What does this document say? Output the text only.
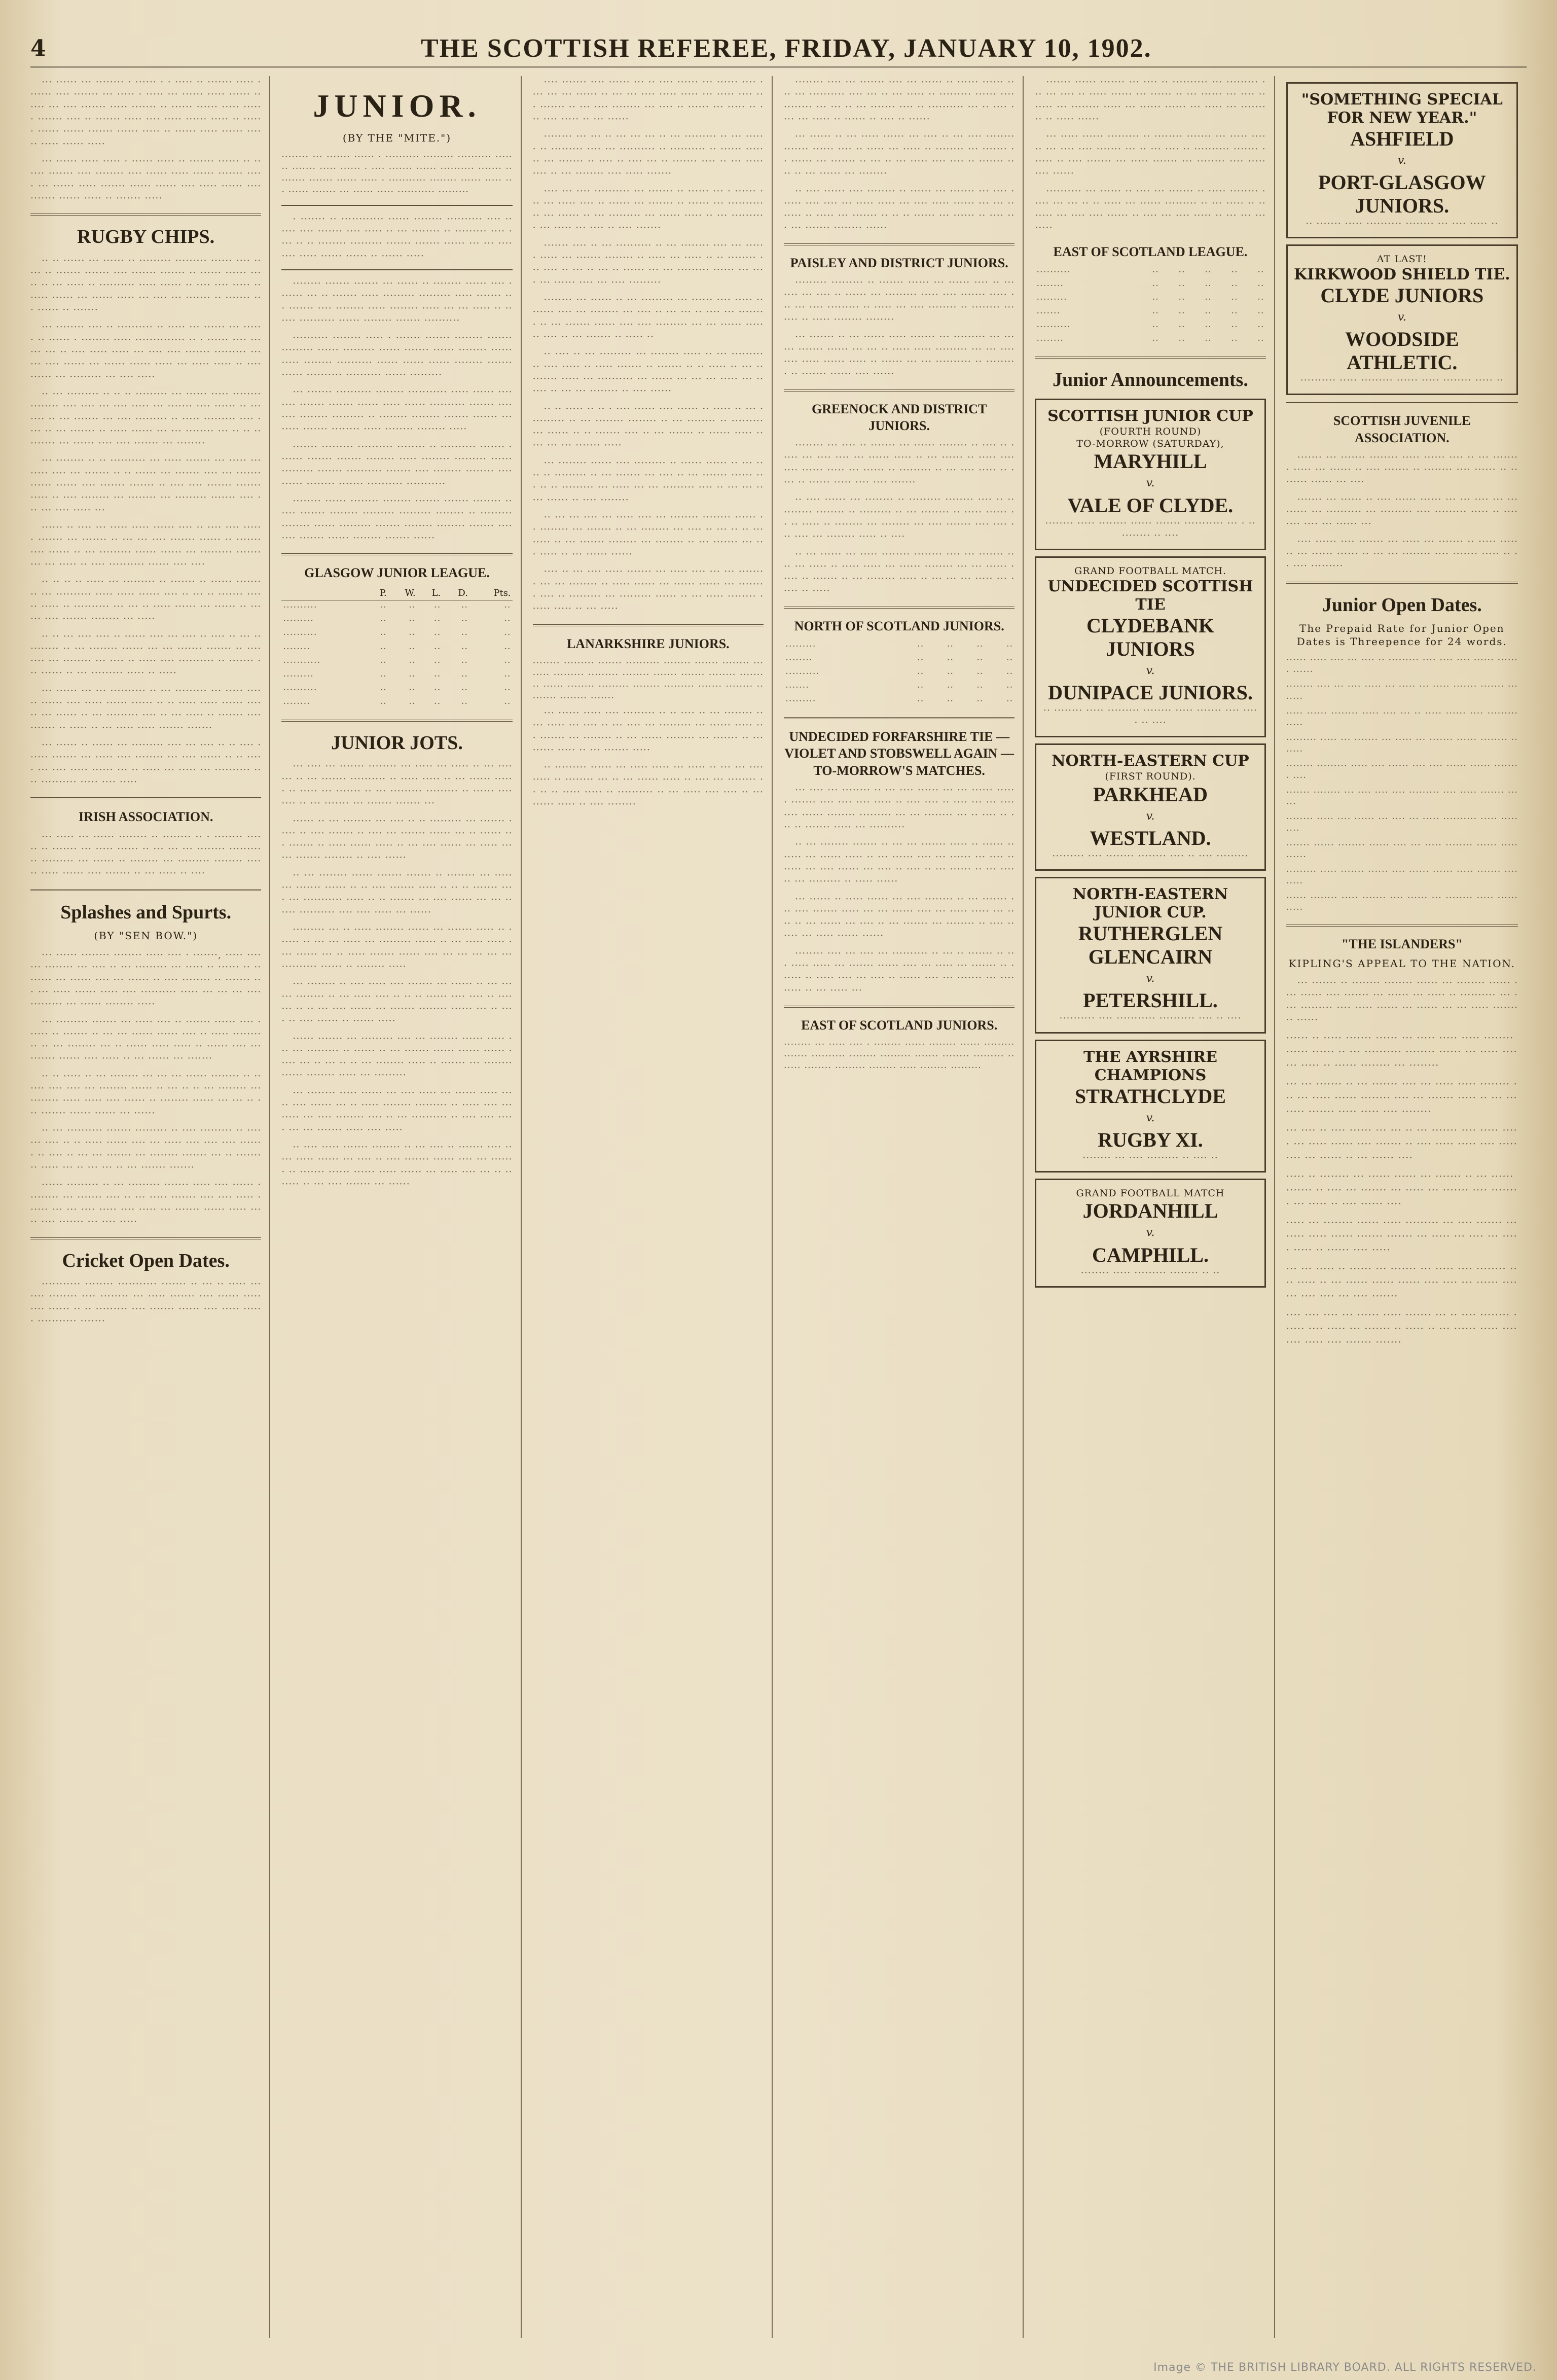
4	THE SCOTTISH REFEREE, FRIDAY, JANUARY 10, 1902.

··· ······ ··· ········ · ······ · · ····· ·· ······· ····· · ······ ···· ······· ··· ····· · ····· ··· ······ ····· ······ ······ ··· ···· ······· ····· ······· ·· ······ ······ ····· ······ ······· ···· ·· ······· ····· ···· ····· ······ ····· ·· ······ ······ ······ ······· ······ ····· ·· ······ ····· ······ ······ ····· ······ ·····

··· ······ ····· ····· · ······ ····· ·· ······· ······ ·· ······ ······· ···· ········ ···· ······ ····· ······ ······· ····· ··· ······ ····· ······· ······ ······ ···· ····· ······ ···· ······· ······ ····· ·· ······· ·····

RUGBY CHIPS.

·· ·· ······ ··· ······ ·· ········· ········· ······ ···· ····· ·· ······· ······· ···· ······· ······· ·· ······ ······ ····· ·· ··· ····· ·· ·········· ····· ······ ·· ···· ···· ····· ······· ······ ··· ······ ····· ··· ···· ··· ······· ·· ······· ··· ······ ·· ·······

··· ········ ···· ·· ·········· ·· ····· ··· ······ ··· ······ ·· ······ · ········ ····· ·············· ·· · ······ ···· ······ ··· ·· ···· ····· ····· ··· ···· ···· ······· ········· ··· ··· ···· ······ ··· ······ ······ ····· ··· ····· ····· ·· ···· ······ ··· ········· ··· ···· ·····

·· ··· ········· ·· ·· ·· ········· ··· ······ ····· ········ ········ ···· ···· ··· ···· ····· ··· ······· ···· ······ ·· ······· ·· ··· ······· ··· ···· ········· ·· ····· ········· ···· ···· ·· ··· ······· ·· ····· ······ ··· ··· ········ ··· ·· ·· ········· ··· ······ ···· ···· ······· ··· ········

··· ········ ·· ·· ·········· ··· ····· ······· ··· ····· ········ ···· ··· ······· ·· ·· ······ ··· ······· ···· ··· ······· ······ ······ ···· ······· ······· ·· ···· ···· ······· ······· ····· ·· ···· ········ ··· ········ ··· ········· ······· ···· ··· ··· ···· ····· ···

······ ·· ···· ··· ····· ····· ······ ···· ·· ···· ···· ······ ······· ··· ······· ·· ··· ··· ···· ······· ······ ·· ······· ···· ······ ·· ··· ········· ······ ······ ··· ········· ·········· ··· ····· ·· ···· ·········· ······ ···· ····

·· ·· ·· ·· ····· ··· ········· ·· ······· ·· ······ ······· ·· ··· ·········· ····· ····· ······ ···· ·· ··· ·· ······· ······ ····· ·· ·········· ··· ··· ·· ····· ······ ··· ······ ·· ······ ···· ······· ········ ··· ·····

·· ·· ··· ···· ···· ·· ······ ···· ··· ···· ·· ···· ·· ··· ·········· ·· ··· ········ ······ ··· ··· ······· ······· ·· ···· ···· ··· ········ ··· ···· ·· ····· ···· ·········· ·· ······· ··· ······ ·· ··· ········· ····· ·· ·····

··· ······ ··· ··· ·········· ·· ··· ········· ··· ····· ······ ······ ···· ····· ······ ······ ·· ·· ····· ····· ······ ······ ··· ······ ·· ··· ········· ···· ·· ··· ····· ·· ······· ···· ······· ·· ····· ·· ··· ····· ····· ······· ·······

··· ······ ·· ······ ··· ········· ···· ··· ···· ·· ·· ···· ······ ······· ··· ····· ···· ········ ··· ···· ······ ·· ·· ····· ··· ···· ····· ······ ··· ·· ····· ··· ····· ··· ·········· ·· ·· ·········· ····· ···· ·····

IRISH ASSOCIATION.

··· ····· ··· ······ ········ ·· ········ ·· · ········ ···· ·· ·· ······· ··· ····· ······ ·· ··· ··· ··· ········ ········· ·· ········· ··· ······ ·· ········ ··· ········· ········ ···· ·· ····· ······ ···· ······· ·· ··· ····· ·· ····

Splashes and Spurts.
(BY "SEN BOW.")

··· ······ ········ ········ ····· ···· · ·······, ····· ······· ········ ··· ···· ·· ··· ········· ··· ····· ·· ······ ·· ········ ··· ······ ···· ··· ······ ·· ···· ········ ·· ······· ··· ··· ····· ······ ····· ···· ·········· ····· ··· ··· ··· ···· ········· ··· ······ ········ ·····

··· ········· ······· ··· ····· ···· ·· ······· ······ ···· ······ ·· ······· ·· ··· ··· ······ ······ ···· ·· ····· ·········· ·· ··· ········ ··· ·· ······ ····· ····· ·· ······ ···· ··· ······· ······ ···· ····· ·· ··· ······ ··· ·······

·· ·· ····· ·· ··· ········ ··· ··· ··· ······ ········ ·· ······ ···· ···· ··· ········ ······ ·· ··· ·· ·· ··· ········ ··· ········ ····· ····· ···· ······ ·· ········ ······ ··· ··· ·· ··· ······· ······ ······ ··· ······

·· ··· ·········· ······· ········· ·· ···· ········· ·· ······· ···· ·· ·· ····· ······ ···· ··· ····· ···· ···· ···· ······· ·· ···· ·· ··· ··· ······· ··· ········ ······· ··· ·· ········· ····· ··· ·· ··· ··· ·· ··· ······· ·······

······ ········· ·· ··· ········· ······· ····· ···· ······ ········· ··· ······· ···· ·· ··· ····· ······· ···· ···· ····· ······ ··· ··· ···· ····· ···· ····· ··· ······· ······ ····· ··· ·· ···· ······· ··· ···· ·····

Cricket Open Dates.

··········· ········ ··········· ······· ·· ··· ·· ····· ··· ···· ········ ···· ········ ··· ····· ······· ···· ······ ····· ···· ······ ·· ·· ········· ···· ······· ······ ···· ····· ······ ··········· ·······

JUNIOR.
(BY THE "MITE.")

········ ··· ······· ······ · ·········· ········· ·········· ······· ······· ····· ······ · ···· ······· ······ ·········· ······· ········· ······· ······ ····· · ··········· ········ ······ ····· ·· · ······ ······· ··· ······ ····· ··········· ·········

· ······· ·· ············ ······ ········ ·········· ···· ·· ···· ···· ······· ···· ····· ·· ··· ········ ·· ········· ···· ···· ·· ·· ········ ········· ······· ······· ······ ··· ··· ········ ····· ······ ······ ·· ······ ·····

········ ······· ······· ··· ······ ·· ········ ······ ···· ······· ··· ·· ······· ····· ········· ········· ····· ······· ··· ······· ···· ········ ····· ········ ····· ··· ··· ····· ·· ······ ·········· ······ ········ ······· ··········

·········· ········ ····· · ······· ······· ········ ······· ········· ······ ········· ······ ······· ······ ········ ··········· ········ ·········· ······ ······ ······ ········ ······· ······ ·········· ·········· ······ ·········

··· ······· ·········· ········ ··········· ····· ······ ········ ······· ······· ······ ····· ······ ·········· ······· ········ ········ ········· ·· ········ ········ ······· ······· ········ ······· ········ ····· ········ ········ ·····

······· ········· ·········· ········ ·· ·········· ······· ······· ······· ······· ········ ····· ········ ········· ······ ········· ······· ·········· ······· ···· ········ ········ ·········· ········ ······· ·········· ···········

········ ······ ········ ········ ······· ······· ········ ······ ······· ········ ········· ········· ········ ·· ········· ········ ······ ········· ······· ········ ········ ······· ········ ······· ······ ········ ······· ······

GLASGOW JUNIOR LEAGUE.
	P.	W.	L.	D.	Pts.
··········	··	··	··	··	··
·········	··	··	··	··	··
··········	··	··	··	··	··
········	··	··	··	··	··
···········	··	··	··	··	··
·········	··	··	··	··	··
··········	··	··	··	··	··
········	··	··	··	··	··
JUNIOR JOTS.

··· ···· ··· ······· ········ ··· ····· ··· ····· ·· ··· ······· ·· ··· ······· ·········· ·· ····· ····· ·· ··· ······ ······ ·· ····· ··· ······· ·· ··· ········· ········· ·· ······ ········ ·· ··· ······· ··· ······· ······· ···

······ ·· ··· ········ ··· ···· ·· ·· ········· ··· ······· ····· ·· ···· ······· ·· ···· ··· ······· ······ ··· ·· ······ ··· ······· ·· ····· ······ ····· ·· ··· ···· ······ ··· ····· ··· ··· ······· ········ ·· ···· ······

·· ··· ········ ······ ······· ······· ·· ········ ··· ····· ··· ······· ······ ·· ·· ···· ······· ····· ·· ·· ·· ······· ···· ··· ··········· ····· ·· ·· ······· ··· ···· ······ ··· ··· ······ ·········· ···· ···· ····· ··· ······

········· ··· ·· ····· ········ ······ ··· ······· ····· ·· ······ ·· ··· ··· ····· ··· ········· ······ ·· ··· ····· ····· ···· ······ ··· ·· ····· ······· ······ ···· ··· ··· ··· ··· ··· ·········· ······ ·· ········ ·····

··· ········ ·· ···· ····· ···· ······· ··· ······ ·· ··· ··· ··· ········ ·· ··· ····· ···· ·· ·· ·· ······ ···· ···· ·· ······· ·· ·· ··· ···· ······ ··· ······· ········ ······ ··· ·· ···· ·· ···· ······ ·· ······ ·····

······ ······· ··· ········· ···· ··· ········ ······ ····· ··· ··· ········· ·· ······ ·· ··· ······· ······ ······ ······ ····· ··· ·· ··· ·· ·· ··· ········ ····· ·· ······· ··· ········ ······ ········ ····· ··· ·········

··· ········ ····· ······ ··· ···· ····· ··· ······ ····· ··· ·· ···· ······ ··· ·· ····· ········ ········· ·· ····· ···· ··· ····· ··· ···· ········ ···· ·· ··· ·········· ·· ···· ···· ····· ··· ··· ······· ····· ···· ·····

·· ···· ····· ······· ········ ·· ··· ···· ·· ······· ···· ·· ··· ····· ······ ··· ···· ·· ···· ······· ······ ···· ··· ······· ·· ······· ······ ······ ····· ······ ··· ····· ···· ··· ·· ·· ····· ·· ··· ···· ······· ··· ······

···· ······· ···· ······ ··· ·· ···· ······ ··· ······ ···· ···· ··· ··· ······ ·· ··· ··· ···· ····· ····· ··· ····· ···· ··· ······· ·· ··· ···· ········ ··· ···· ·· ······ ··· ····· ·· ··· ···· ····· ·· ··· ······

········ ··· ··· ·· ··· ··· ··· ·· ··· ········· ·· ··· ······ ·· ········· ···· ··· ·········· ·· ·········· ·· ······ ······· ··· ······· ·· ···· ·· ···· ··· ·· ······· ···· ·· ··· ····· ···· ·· ··· ········ ···· ····· ·······

···· ··· ···· ·········· ··· ······· ·· ······ ··· · ······ ··· ··· ····· ···· ·· ······ ··· ······· ·· ······ ··· ·········· ·· ··· ······ ·· ··· ········· ··· ······ ····· ·· ··· ·········· ··· ····· ··· ···· ·· ···· ·······

······· ···· ·· ··· ·········· ·· ··· ········ ···· ··· ······ ····· ··· ······· ········ ·· ····· ··· ····· ·· ·· ········ ··· ···· ·· ··· ·· ··· ·· ······ ··· ··· ········· ······ ··· ···· ··· ······ ···· ··· ···· ·········

········ ··· ······ ·· ··· ········· ··· ······ ···· ····· ········ ···· ··· ········ ··· ···· ·· ··· ··· ·· ···· ··· ········ ·· ··· ······· ······ ···· ···· ········· ··· ··· ······ ······· ···· ·· ··· ······· ·· ····· ··

·· ···· ·· ··· ········· ··· ········ ····· ·· ··· ········· ·· ···· ····· ·· ····· ······· ·· ······· ·· ·· ····· ·· ··· ·· ······· ····· ··· ·········· ··· ······ ··· ··· ··· ····· ··· ······ ·· ··· ··· ········ ·· ···· ······

·· ·· ····· ·· ·· · ···· ······ ···· ······ ·· ····· ·· ··· ·········· ·· ··· ········ ········ ·· ··· ········ ·· ········· ··· ······ ·· ·· ······· ···· ·· ··· ······· ·· ······ ····· ·· ··· ··· ··· ······· ·····

··· ········ ······ ···· ········· ·· ······ ······ ·· ··· ···· ·· ········· ·· ··· ······· ··· ···· ·· ··· ······· ······ ··· ·· ·· ········· ··· ····· ··· ··· ········· ···· ·· ··· ··· ·· ··· ······ ·· ···· ········

·· ··· ··· ···· ··· ····· ···· ··· ········ ········ ······ ·· ········ ··· ······· ·· ··· ········ ··· ···· ·· ··· ·· ·· ········ ·· ··· ······· ········ ··· ········ ·· ··· ······· ··· ··· ····· ·· ··· ······ ······

···· ·· ··· ···· ····· ······· ··· ····· ···· ··· ··· ········ ··· ··· ········ ·· ····· ······ ··· ······ ······ ··· ········ ···· ·· ········· ··· ········· ······ ·· ··· ····· ········ ······ ····· ·· ··· ·····

LANARKSHIRE JUNIORS.

········ ········· ······· ·········· ········ ······· ········ ········ ········· ········· ········ ······· ······· ········ ········· ······ ········ ········· ········ ········· ······· ········ ········· ········ ·······

··· ······ ····· ···· ········· ·· ·· ···· ·· ··· ········ ····· ····· ··· ···· ·· ··· ···· ··· ········· ··· ······ ····· ··· ······· ··· ········ ·· ··· ······ ········ ··· ······· ·· ··· ······ ····· ·· ··· ······· ·····

·· ········· ······ ··· ····· ····· ··· ····· ·· ··· ··· ········· ·· ········ ··· ·· ··· ······ ····· ·· ···· ··· ········ ·· ·· ·· ····· ····· ·· ·········· ·· ··· ····· ···· ···· ·· ··· ······ ····· ·· ···· ········

········ ···· ··· ······· ···· ··· ······ ·· ······ ······ ···· ··· ·········· ···· ··· ·· ··· ····· ·· ········· ······ ···· ········ ··· ··· ·· ··· ······· ···· ·· ·········· ··· ·· ···· ···· ··· ····· ·· ······ ·· ···· ·· ······

··· ······ ·· ··· ····· ······ ··· ···· ·· ··· ···· ········ ······· ······ ···· ·· ····· ··· ····· ·· ········ ··· ······· ·· ······ ··· ······· ·· ··· ·· ··· ····· ···· ···· ·· ······· ···· ·· ··· ······ ··· ········

·· ···· ······ ···· ········ ·· ······ ··· ······· ··· ···· ······ ···· ···· ··· ····· ····· ··· ···· ····· ······ ··· ··· ······· ·· ····· ··· ······· ·· ·· ·· ······ ··· ······ ·· ···· ··· ··· ······· ········ ······

PAISLEY AND DISTRICT JUNIORS.

········· ········· ·· ······· ······ ··· ······ ···· ·· ··· ···· ··· ···· ·· ······ ··· ········· ····· ···· ······· ····· ··· ··· ···· ········· ·· ····· ··· ···· ········ ·· ········ ··· ···· ·· ····· ········ ········

··· ······· ·· ··· ······ ····· ······· ··· ········· ··· ··· ··· ······· ······ ··· ··· ·· ····· ····· ········· ··· ··· ········ ····· ······ ····· ·· ······ ··· ··· ·········· ·· ········· ·· ······· ······ ···· ······

GREENOCK AND DISTRICT JUNIORS.

········ ··· ···· ·· ······· ··· ······ ········ ·· ···· ·· ····· ··· ···· ···· ··· ······ ····· ·· ··· ······ ·· ····· ···· ···· ······ ····· ··· ······ ·· ········· ·· ··· ···· ····· ·· ···· ·· ······ ····· ···· ···· ·······

·· ···· ······ ··· ········ ·· ········· ········ ···· ·· ·· ········ ········ ·· ········· ·· ··· ········ ·· ····· ······ ·· ·· ····· ·· ········ ··· ········ ··· ···· ······· ···· ···· ··· ···· ··· ········ ····· ·· ····

·· ··· ······ ··· ····· ········ ········ ···· ··· ······· ···· ··· ····· ·· ····· ····· ··· ······ ········ ··· ··· ······ ····· ·· ······· ·· ··· ········ ····· ·· ··· ··· ··· ····· ··· ····· ·· ·····

NORTH OF SCOTLAND JUNIORS.
·········	··	··	··	··
········	··	··	··	··
··········	··	··	··	··
·······	··	··	··	··
·········	··	··	··	··
UNDECIDED FORFARSHIRE TIE — VIOLET AND STOBSWELL AGAIN — TO-MORROW'S MATCHES.

··· ···· ··· ········ ·· ··· ···· ······ ··· ··· ······ ······ ······· ···· ···· ···· ····· ·· ···· ···· ·· ···· ··· ··· ········ ······ ········ ········· ··· ··· ········ ··· ·· ···· ·· ··· ·· ······· ····· ··· ··········

·· ··· ········ ······· ·· ··· ··· ······· ····· ·· ······ ······· ··· ······ ····· ·· ··· ······ ···· ··· ······ ··· ···· ······· ··· ···· ······ ··· ···· ·· ···· ·· ··· ······ ·· ··· ······ ··· ········· ·· ····· ······

··· ······ ·· ····· ······ ··· ···· ········ ·· ··· ······· ··· ···· ······· ····· ··· ··· ······ ···· ··· ····· ····· ··· ···· ·· ··· ······ ··· ···· ·· ··· ······· ··· ········ ·· ···· ······ ··· ····· ······ ······

········ ···· ··· ···· ··· ·········· ·· ··· ·· ······· ·· ··· ····· ····· ··· ······· ······ ···· ··· ····· ··· ······· ·· ······ ·· ····· ···· ··· ···· ·· ······ ···· ··· ······· ··· ···· ····· ·· ··· ····· ···

EAST OF SCOTLAND JUNIORS.

········ ··· ····· ···· · ········ ······ ········ ······ ········· ······· ·········· ········ ········· ······· ········ ········· ······· ········ ········· ········ ····· ········ ·········

······· ······ ······· ··· ···· ·· ·········· ··· ········· ··· ··· ···· ·· ····· ······ ··· ······ ·· ··· ······ ··· ···· ······· ··· ········ ····· ··· ······ ······ ··· ····· ··· ········· ·· ····· ······

··· ····· ······ ········· ·· ········ ······· ··· ····· ···· ·· ··· ···· ···· ······· ··· ·· ··· ···· ·· ·········· ······· ······ ·· ···· ······· ··· ····· ······· ··· ········ ···· ····· ···· ······

·········· ··· ······ ·· ···· ··· ······· ·· ····· ········ ····· ··· ··· ·· ·· ····· ··· ······ ········· ·· ··· ····· ·· ······· ··· ···· ···· ······ ·· ···· ··· ···· ····· ·· ··· ··· ········

EAST OF SCOTLAND LEAGUE.
··········	··	··	··	··	··
········	··	··	··	··	··
·········	··	··	··	··	··
·······	··	··	··	··	··
··········	··	··	··	··	··
········	··	··	··	··	··
Junior Announcements.
SCOTTISH JUNIOR CUP
(FOURTH ROUND)
TO-MORROW (SATURDAY),
MARYHILL
v.
VALE OF CLYDE.
········ ····· ········ ······ ······· ··········· ··· · ·· ········ ·· ····
GRAND FOOTBALL MATCH.
UNDECIDED SCOTTISH TIE
CLYDEBANK JUNIORS
v.
DUNIPACE JUNIORS.
·· ········ ····· ········· ········ ····· ······· ···· ····· ·· ····
NORTH-EASTERN CUP
(FIRST ROUND).
PARKHEAD
v.
WESTLAND.
········· ···· ········ ········ ···· ·· ···· ·········
NORTH-EASTERN JUNIOR CUP.
RUTHERGLEN GLENCAIRN
v.
PETERSHILL.
·········· ···· ··········· ·········· ···· ·· ····
THE AYRSHIRE CHAMPIONS
STRATHCLYDE
v.
RUGBY XI.
········ ··· ···· ········· ·· ···· ··
GRAND FOOTBALL MATCH
JORDANHILL
v.
CAMPHILL.
········ ····· ········· ········ ·· ··
"SOMETHING SPECIAL FOR NEW YEAR."
ASHFIELD
v.
PORT-GLASGOW JUNIORS.
·· ······· ····· ·········· ········ ··· ···· ····· ··
AT LAST!
KIRKWOOD SHIELD TIE.
CLYDE JUNIORS
v.
WOODSIDE ATHLETIC.
·········· ····· ········· ······ ····· ········ ····· ··
SCOTTISH JUVENILE ASSOCIATION.

······· ··· ······· ········ ····· ······ ···· ·· ··· ········ ····· ··· ······ ·· ···· ······· ·· ········ ···· ······ ·· ········ ······ ··· ····

······· ··· ······ ·· ···· ······ ······ ··· ··· ···· ··· ··· ······ ··· ·········· ··· ········· ···· ········· ····· ·· ········ ···· ··· ······ ···

···· ······ ···· ······· ··· ····· ··· ······· ·· ····· ······· ··· ······ ······ ·· ··· ··· ········ ···· ······· ····· ·· ·· ···· ·········

Junior Open Dates.
The Prepaid Rate for Junior Open Dates is Threepence for 24 words.

······ ····· ···· ··· ···· ·· ········· ···· ···· ···· ······ ······· ······

········ ···· ··· ···· ····· ··· ····· ··· ····· ······· ······· ········

····· ······ ········ ····· ···· ··· ·· ····· ······ ···· ········· ·····

········· ····· ··· ······· ··· ····· ··· ······· ······ ········ ·······

········ ········· ····· ···· ······ ···· ···· ······ ······ ········ ····

······· ········ ··· ···· ···· ···· ········· ···· ····· ······· ······

········ ····· ···· ······ ··· ···· ··· ····· ·········· ····· ·········

······· ······ ········ ······ ···· ··· ····· ········ ······ ····· ······

········· ····· ······· ······ ···· ······ ······ ····· ······· ·········

······ ········ ····· ······· ···· ······ ··· ········ ····· ······ ·····

"THE ISLANDERS"
KIPLING'S APPEAL TO THE NATION.

··· ······· ·· ········ ········ ······ ··· ········ ······ ···· ······ ···· ······· ··· ······ ··· ····· ·· ·········· ··· ···· ········· ···· ····· ······ ··· ······ ··· ··· ····· ········· ······

······ ·· ····· ······· ······ ··· ····· ····· ····· ········ ······ ······ ·· ··· ·········· ········ ······ ··· ····· ······· ····· ·· ······ ········ ··· ········

··· ··· ······· ·· ··· ······· ···· ··· ····· ····· ········ ··· ··· ····· ······ ········ ···· ··· ······· ····· ·· ··· ········ ······· ····· ····· ···· ········

··· ···· ·· ···· ······ ··· ··· ·· ··· ······· ···· ····· ····· ··· ····· ······ ···· ······· ·· ···· ····· ····· ···· ········· ··· ······ ·· ··· ······ ····

····· ·· ········ ··· ······ ······ ··· ······· ·· ··· ······ ······· ·· ···· ··· ······· ··· ····· ··· ······· ···· ········ ··· ····· ·· ···· ······ ····

····· ··· ········ ······ ····· ········· ··· ···· ······· ··· ····· ····· ······ ······· ······· ··· ····· ··· ···· ··· ····· ····· ·· ······ ···· ·····

··· ··· ····· ·· ······ ··· ······· ··· ····· ···· ········ ···· ····· ·· ··· ······ ······ ······ ···· ···· ··· ······ ······· ···· ···· ··· ···· ·······

···· ···· ···· ··· ······ ····· ······· ··· ·· ···· ········ ······ ···· ····· ··· ······· ·· ····· ·· ··· ······ ····· ···· ···· ····· ···· ······· ·······

Image © THE BRITISH LIBRARY BOARD. ALL RIGHTS RESERVED.
